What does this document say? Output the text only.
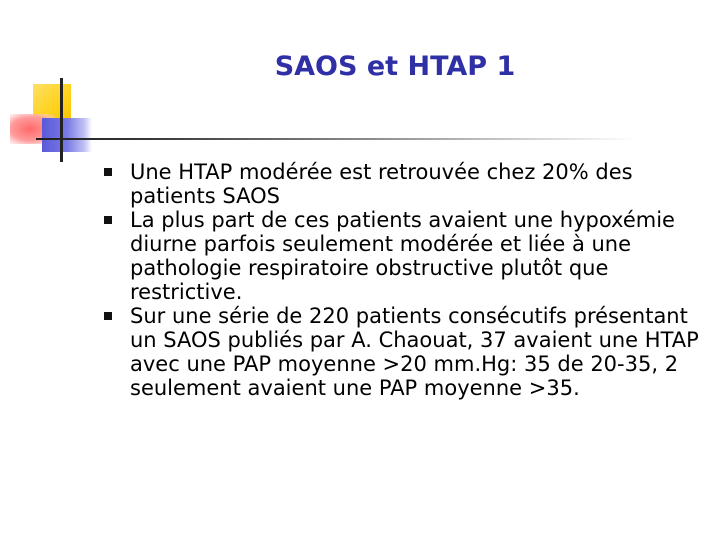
SAOS et HTAP 1
Une HTAP modérée est retrouvée chez 20% des patients SAOS
La plus part de ces patients avaient une hypoxémie diurne parfois seulement modérée et liée à une pathologie respiratoire obstructive plutôt que restrictive.
Sur une série de 220 patients consécutifs présentant un SAOS publiés par A. Chaouat, 37 avaient une HTAP avec une PAP moyenne >20 mm.Hg: 35 de 20-35, 2 seulement avaient une PAP moyenne >35.
